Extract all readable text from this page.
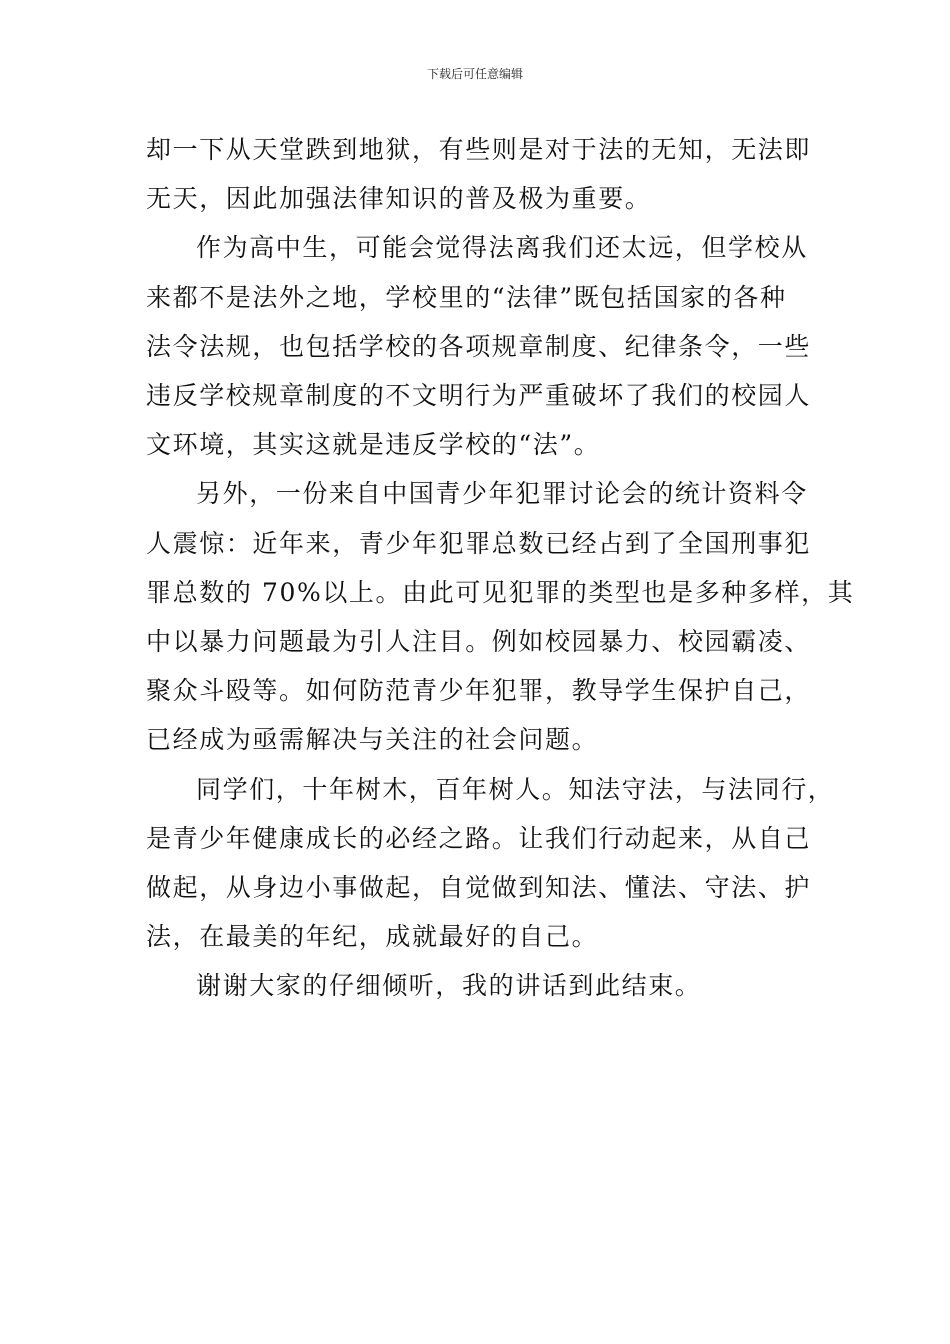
下载后可任意编辑

却一下从天堂跌到地狱，有些则是对于法的无知，无法即
无天，因此加强法律知识的普及极为重要。

作为高中生，可能会觉得法离我们还太远，但学校从
来都不是法外之地，学校里的“法律”既包括国家的各种
法令法规，也包括学校的各项规章制度、纪律条令，一些
违反学校规章制度的不文明行为严重破坏了我们的校园人
文环境，其实这就是违反学校的“法”。

另外，一份来自中国青少年犯罪讨论会的统计资料令
人震惊：近年来，青少年犯罪总数已经占到了全国刑事犯
罪总数的 70%以上。由此可见犯罪的类型也是多种多样，其
中以暴力问题最为引人注目。例如校园暴力、校园霸凌、
聚众斗殴等。如何防范青少年犯罪，教导学生保护自己，
已经成为亟需解决与关注的社会问题。

同学们，十年树木，百年树人。知法守法，与法同行，
是青少年健康成长的必经之路。让我们行动起来，从自己
做起，从身边小事做起，自觉做到知法、懂法、守法、护
法，在最美的年纪，成就最好的自己。

谢谢大家的仔细倾听，我的讲话到此结束。
